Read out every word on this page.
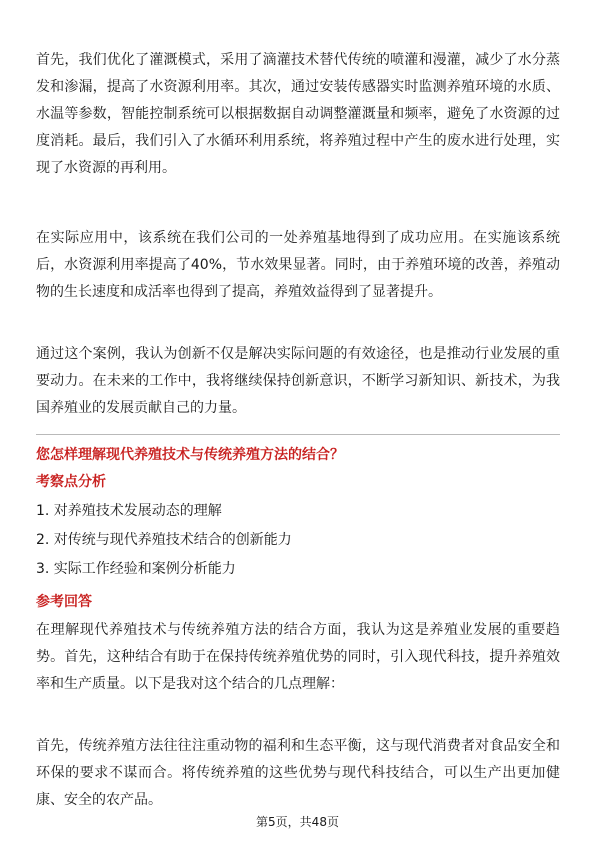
首先，我们优化了灌溉模式，采用了滴灌技术替代传统的喷灌和漫灌，减少了水分蒸发和渗漏，提高了水资源利用率。其次，通过安装传感器实时监测养殖环境的水质、水温等参数，智能控制系统可以根据数据自动调整灌溉量和频率，避免了水资源的过度消耗。最后，我们引入了水循环利用系统，将养殖过程中产生的废水进行处理，实现了水资源的再利用。

在实际应用中，该系统在我们公司的一处养殖基地得到了成功应用。在实施该系统后，水资源利用率提高了40%，节水效果显著。同时，由于养殖环境的改善，养殖动物的生长速度和成活率也得到了提高，养殖效益得到了显著提升。

通过这个案例，我认为创新不仅是解决实际问题的有效途径，也是推动行业发展的重要动力。在未来的工作中，我将继续保持创新意识，不断学习新知识、新技术，为我国养殖业的发展贡献自己的力量。

您怎样理解现代养殖技术与传统养殖方法的结合？

考察点分析

1. 对养殖技术发展动态的理解

2. 对传统与现代养殖技术结合的创新能力

3. 实际工作经验和案例分析能力

参考回答

在理解现代养殖技术与传统养殖方法的结合方面，我认为这是养殖业发展的重要趋势。首先，这种结合有助于在保持传统养殖优势的同时，引入现代科技，提升养殖效率和生产质量。以下是我对这个结合的几点理解：

首先，传统养殖方法往往注重动物的福利和生态平衡，这与现代消费者对食品安全和环保的要求不谋而合。将传统养殖的这些优势与现代科技结合，可以生产出更加健康、安全的农产品。

第5页，共48页
